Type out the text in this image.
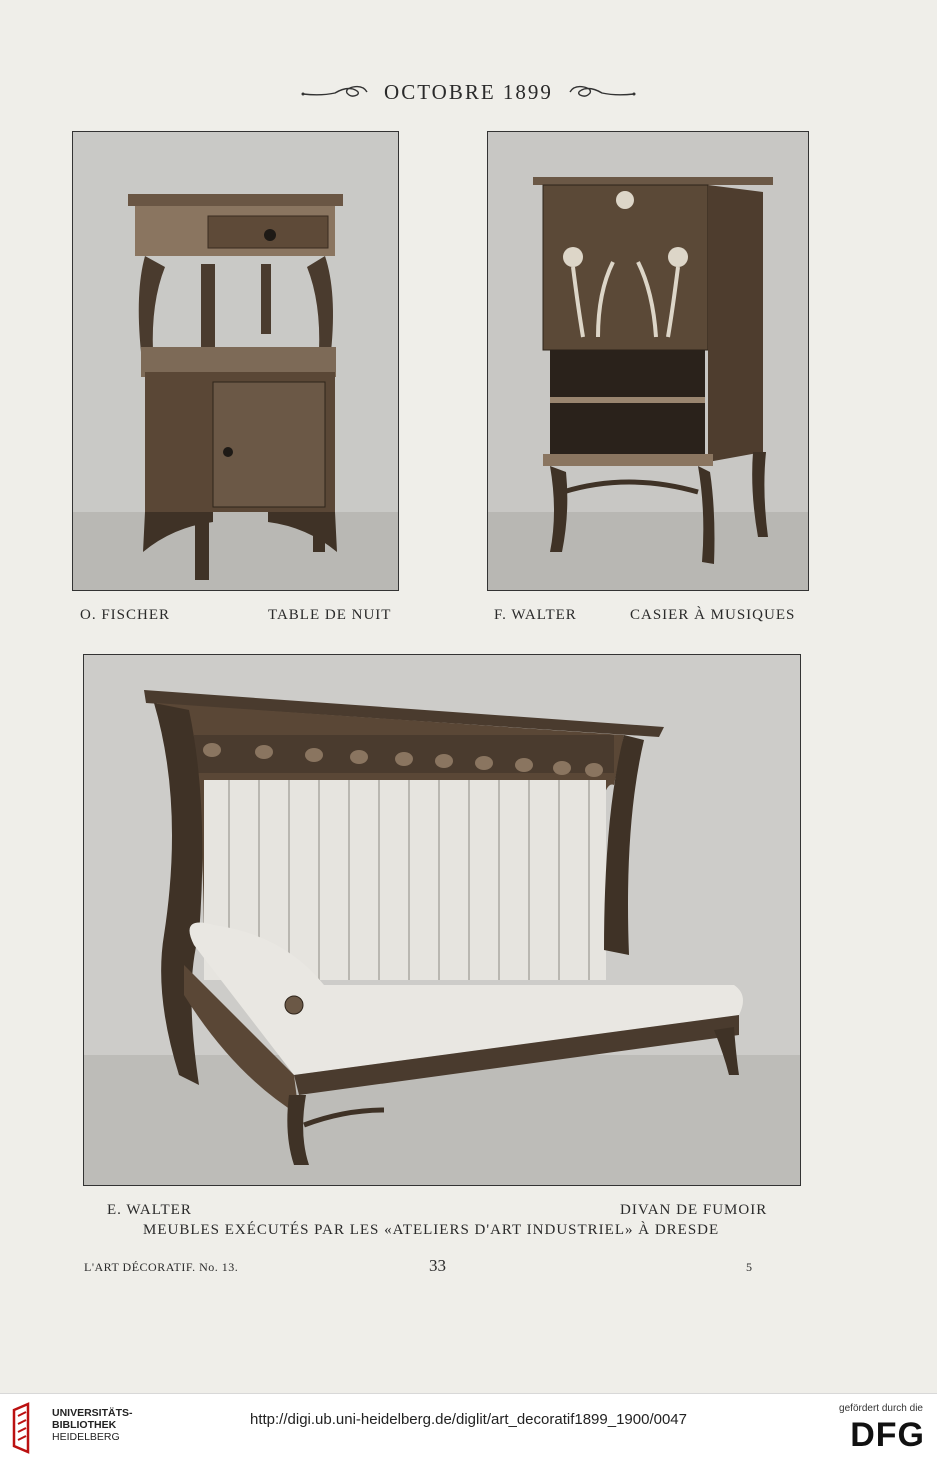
OCTOBRE 1899
O. FISCHER	TABLE DE NUIT	F. WALTER	CASIER À MUSIQUES
E. WALTER	DIVAN DE FUMOIR
MEUBLES EXÉCUTÉS PAR LES «ATELIERS D'ART INDUSTRIEL» À DRESDE
L'ART DÉCORATIF. No. 13.	33	5
UNIVERSITÄTS-
BIBLIOTHEK
HEIDELBERG
http://digi.ub.uni-heidelberg.de/diglit/art_decoratif1899_1900/0047
gefördert durch die
DFG
